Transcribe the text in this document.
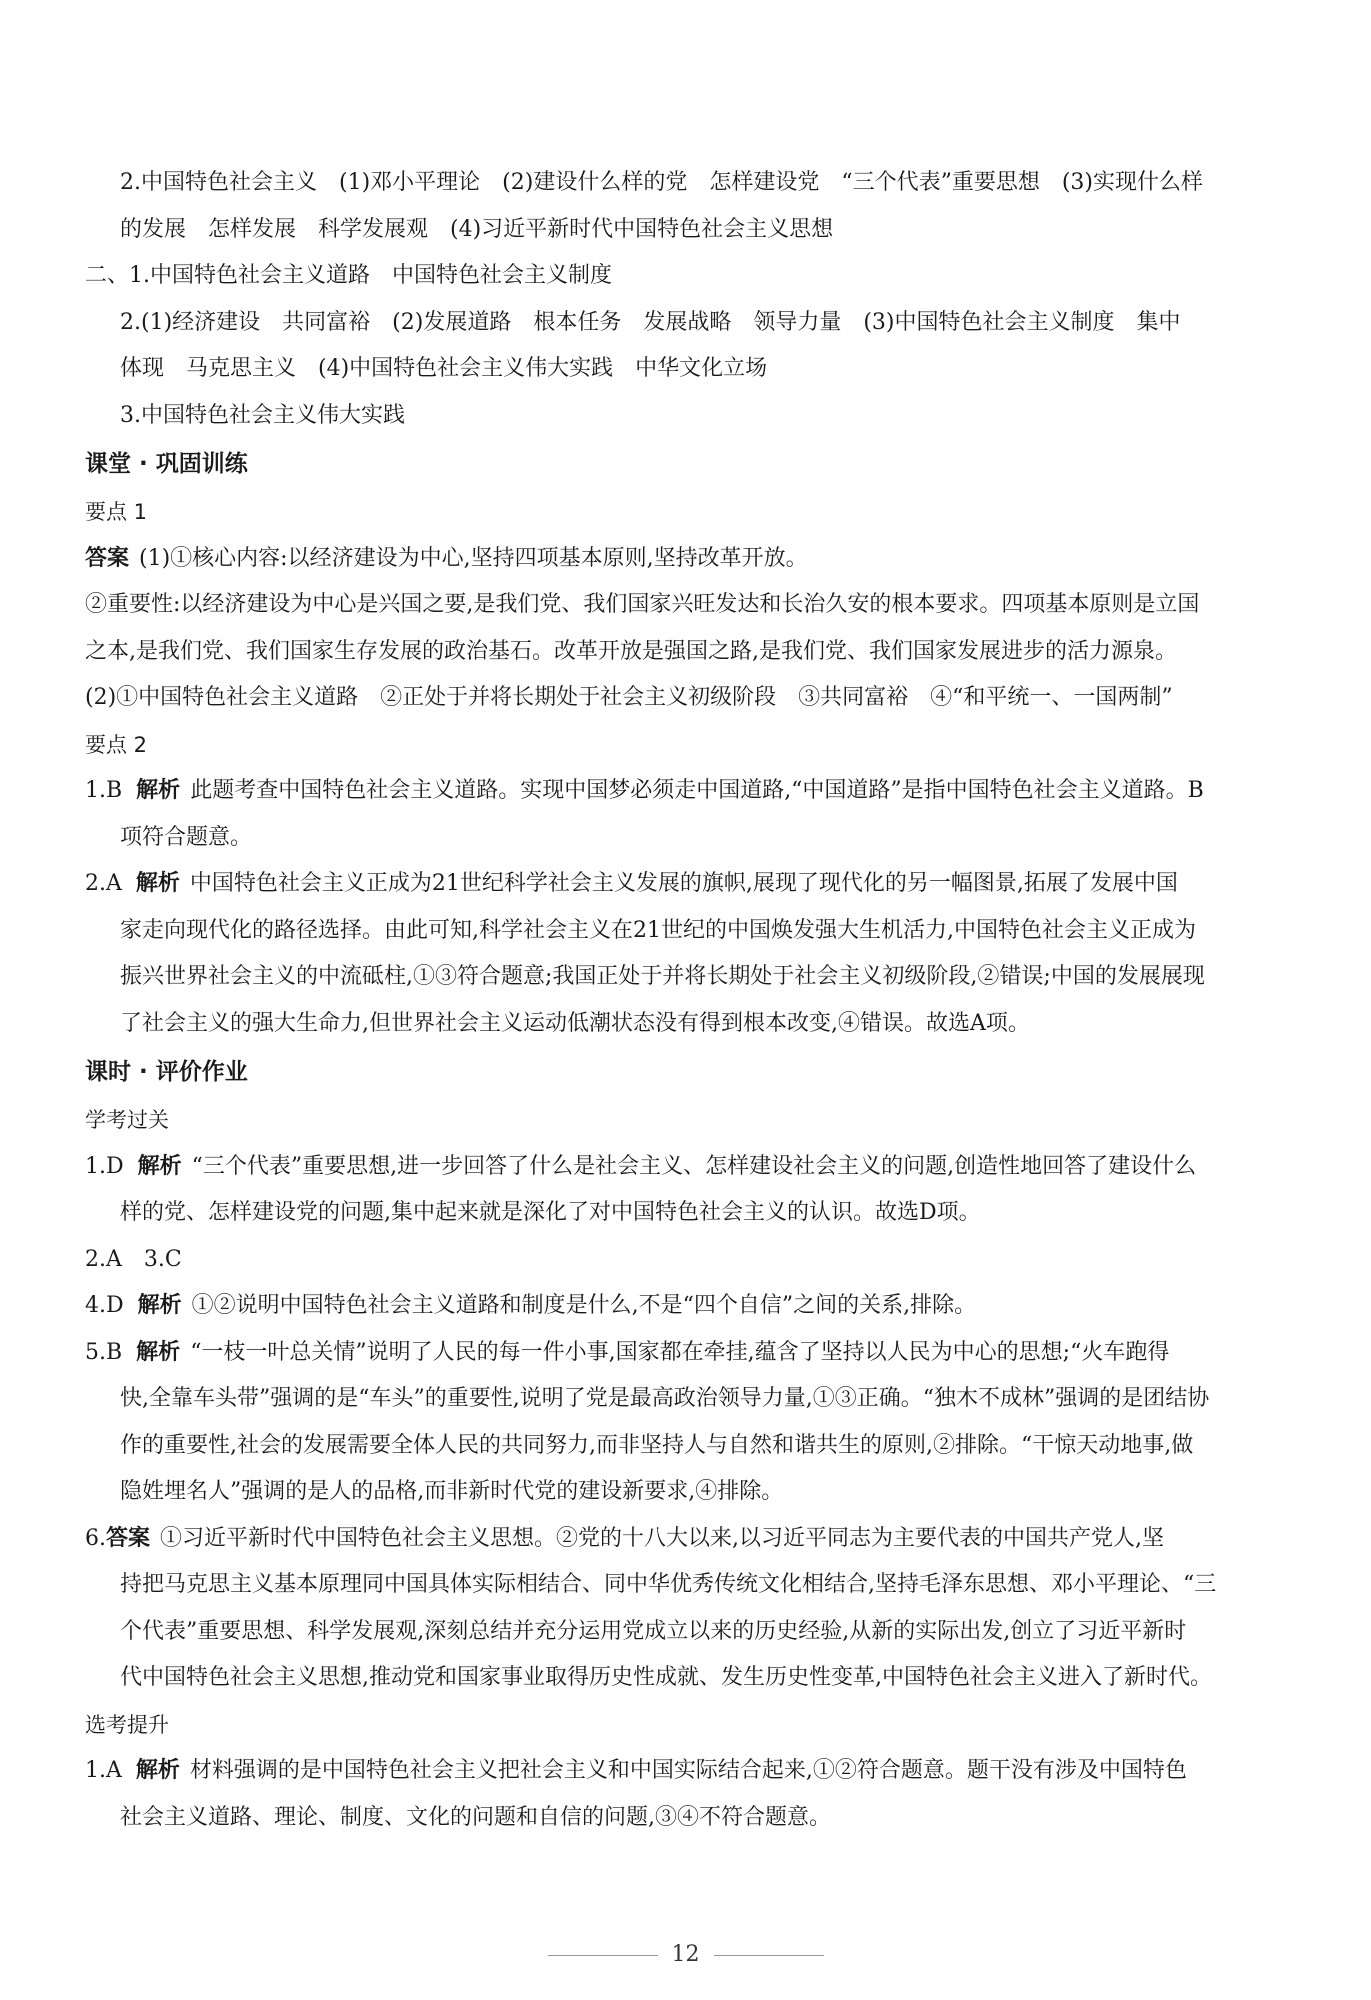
2.中国特色社会主义　(1)邓小平理论　(2)建设什么样的党　怎样建设党　“三个代表”重要思想　(3)实现什么样
的发展　怎样发展　科学发展观　(4)习近平新时代中国特色社会主义思想
二、1.中国特色社会主义道路　中国特色社会主义制度
2.(1)经济建设　共同富裕　(2)发展道路　根本任务　发展战略　领导力量　(3)中国特色社会主义制度　集中
体现　马克思主义　(4)中国特色社会主义伟大实践　中华文化立场
3.中国特色社会主义伟大实践
课堂 · 巩固训练
要点 1
答案 (1)①核心内容:以经济建设为中心,坚持四项基本原则,坚持改革开放。
②重要性:以经济建设为中心是兴国之要,是我们党、我们国家兴旺发达和长治久安的根本要求。四项基本原则是立国
之本,是我们党、我们国家生存发展的政治基石。改革开放是强国之路,是我们党、我们国家发展进步的活力源泉。
(2)①中国特色社会主义道路　②正处于并将长期处于社会主义初级阶段　③共同富裕　④“和平统一、一国两制”
要点 2
1.B 解析 此题考查中国特色社会主义道路。实现中国梦必须走中国道路,“中国道路”是指中国特色社会主义道路。B
项符合题意。
2.A 解析 中国特色社会主义正成为21世纪科学社会主义发展的旗帜,展现了现代化的另一幅图景,拓展了发展中国
家走向现代化的路径选择。由此可知,科学社会主义在21世纪的中国焕发强大生机活力,中国特色社会主义正成为
振兴世界社会主义的中流砥柱,①③符合题意;我国正处于并将长期处于社会主义初级阶段,②错误;中国的发展展现
了社会主义的强大生命力,但世界社会主义运动低潮状态没有得到根本改变,④错误。故选A项。
课时 · 评价作业
学考过关
1.D 解析 “三个代表”重要思想,进一步回答了什么是社会主义、怎样建设社会主义的问题,创造性地回答了建设什么
样的党、怎样建设党的问题,集中起来就是深化了对中国特色社会主义的认识。故选D项。
2.A　3.C
4.D 解析 ①②说明中国特色社会主义道路和制度是什么,不是“四个自信”之间的关系,排除。
5.B 解析 “一枝一叶总关情”说明了人民的每一件小事,国家都在牵挂,蕴含了坚持以人民为中心的思想;“火车跑得
快,全靠车头带”强调的是“车头”的重要性,说明了党是最高政治领导力量,①③正确。“独木不成林”强调的是团结协
作的重要性,社会的发展需要全体人民的共同努力,而非坚持人与自然和谐共生的原则,②排除。“干惊天动地事,做
隐姓埋名人”强调的是人的品格,而非新时代党的建设新要求,④排除。
6.答案 ①习近平新时代中国特色社会主义思想。②党的十八大以来,以习近平同志为主要代表的中国共产党人,坚
持把马克思主义基本原理同中国具体实际相结合、同中华优秀传统文化相结合,坚持毛泽东思想、邓小平理论、“三
个代表”重要思想、科学发展观,深刻总结并充分运用党成立以来的历史经验,从新的实际出发,创立了习近平新时
代中国特色社会主义思想,推动党和国家事业取得历史性成就、发生历史性变革,中国特色社会主义进入了新时代。
选考提升
1.A 解析 材料强调的是中国特色社会主义把社会主义和中国实际结合起来,①②符合题意。题干没有涉及中国特色
社会主义道路、理论、制度、文化的问题和自信的问题,③④不符合题意。
12
